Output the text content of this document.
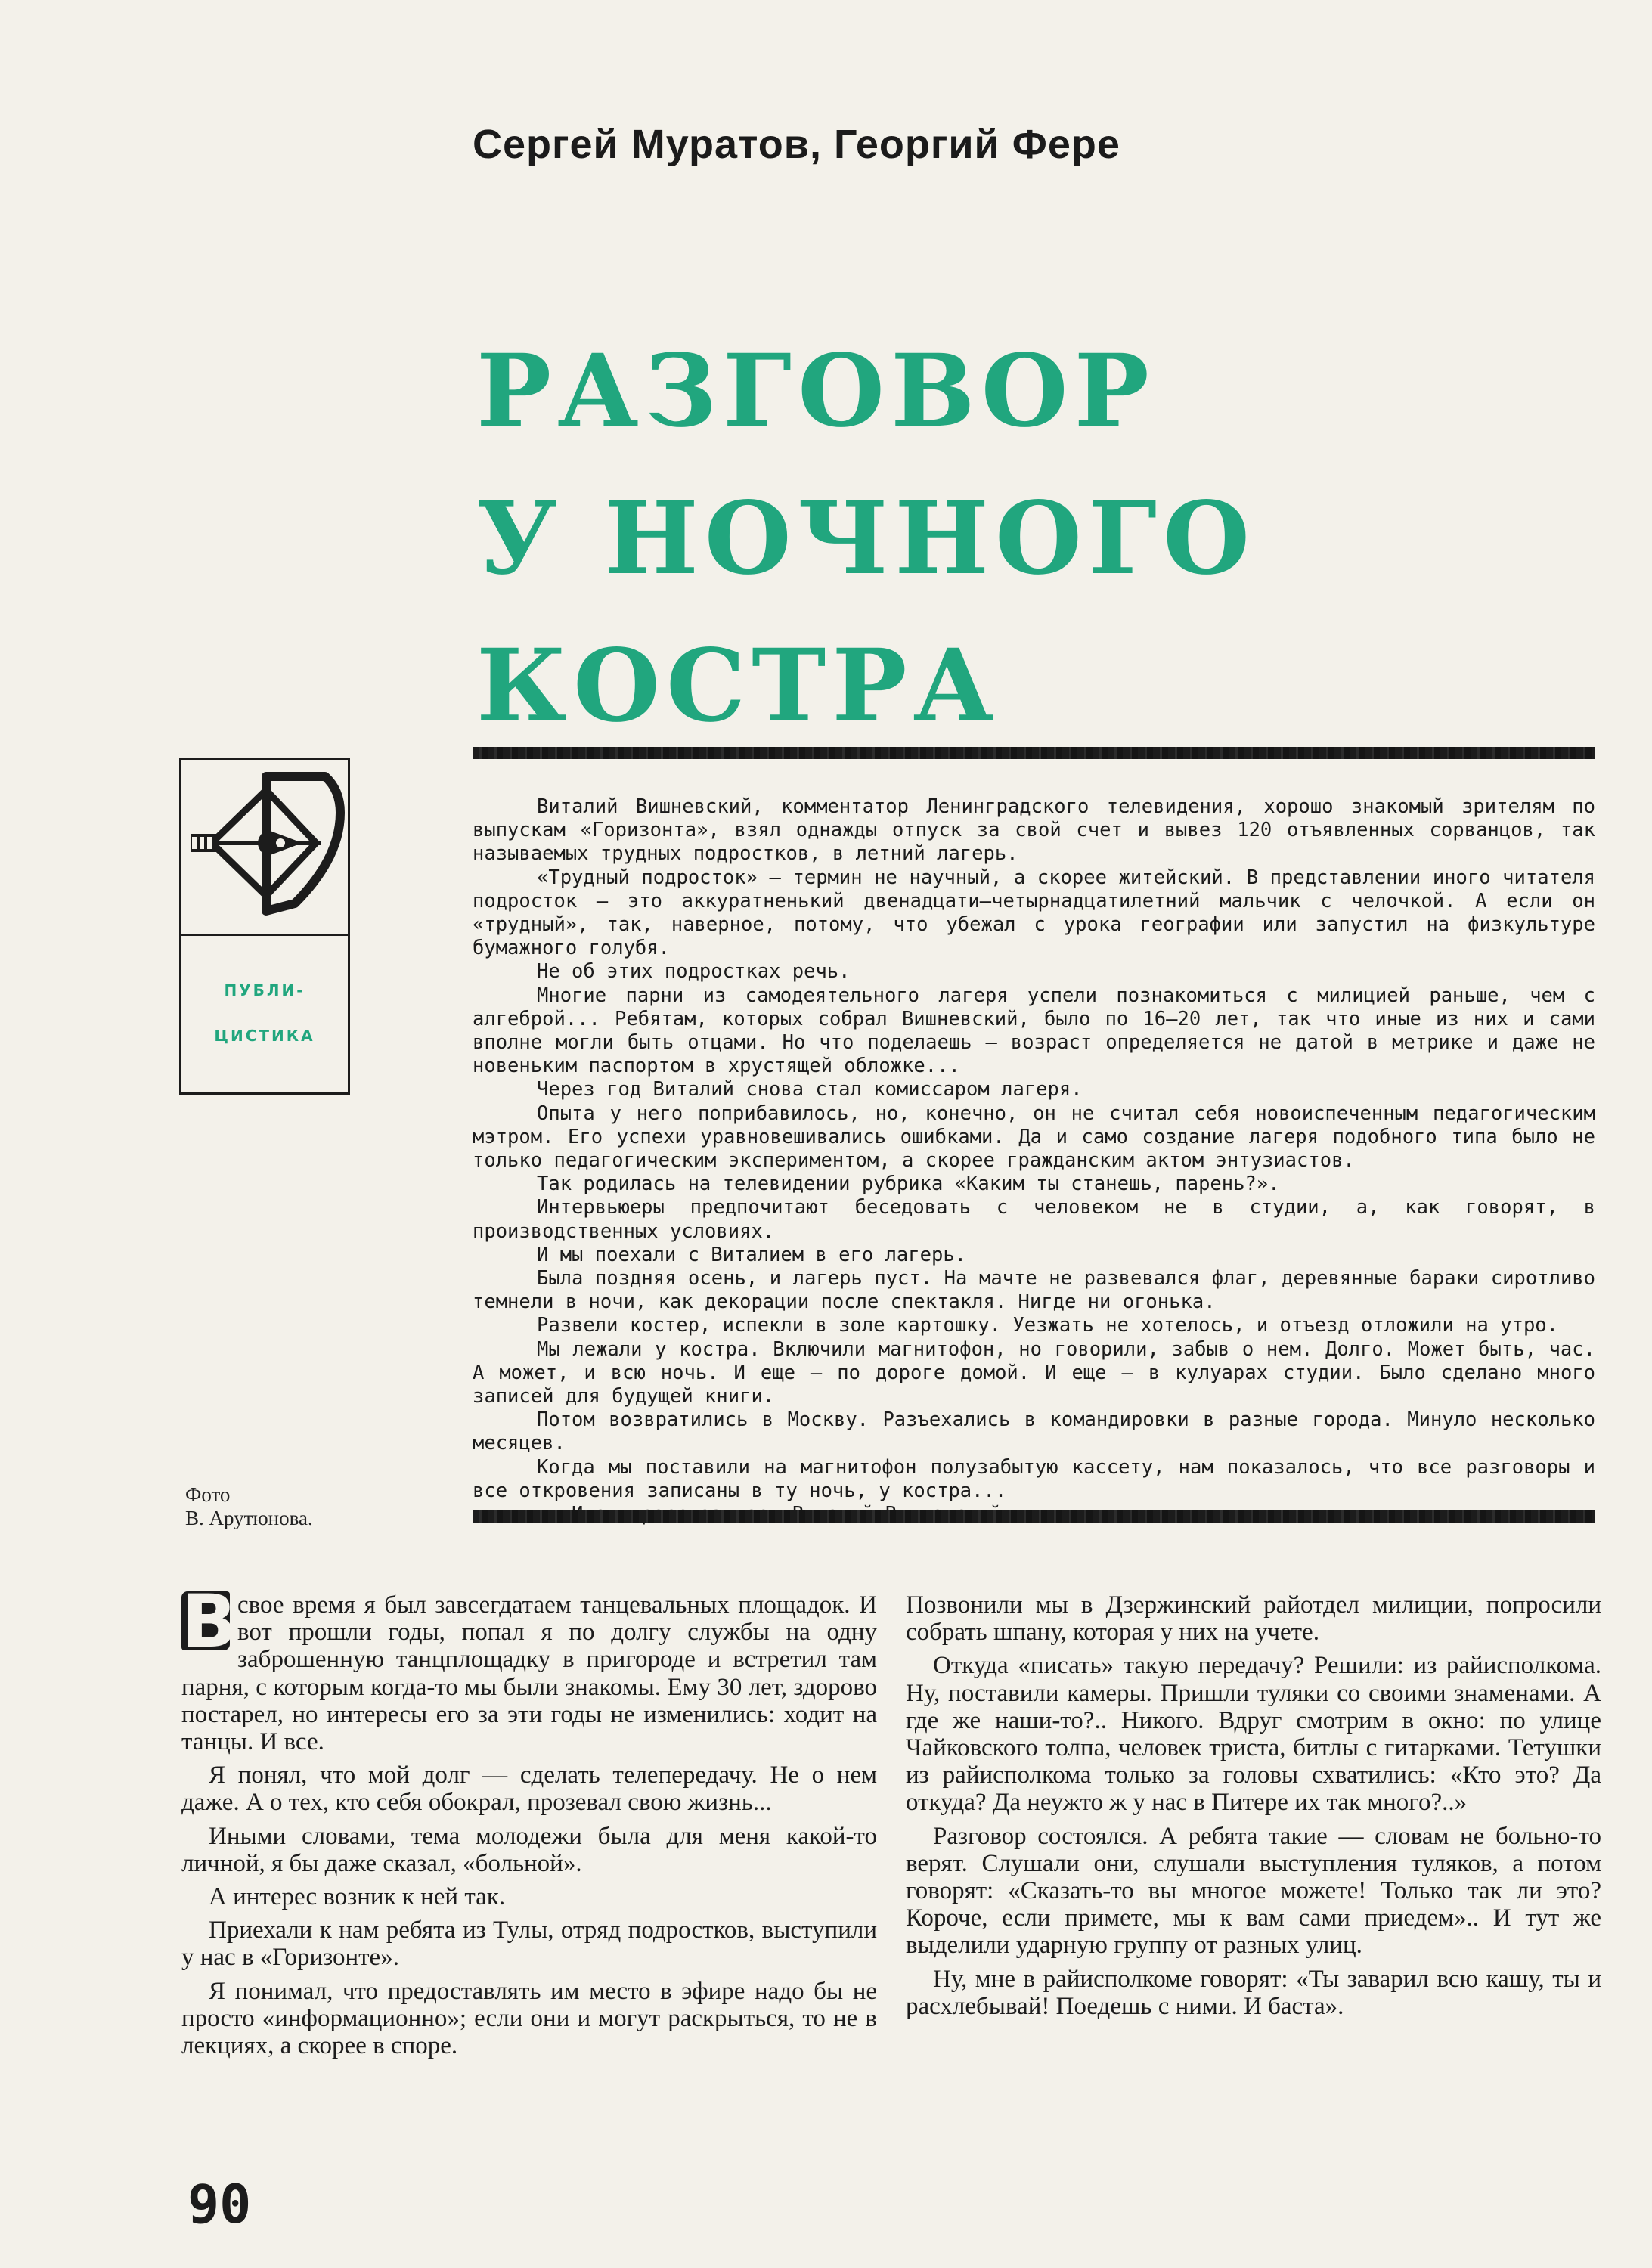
Сергей Муратов, Георгий Фере
РАЗГОВОР
У НОЧНОГО
КОСТРА
ПУБЛИ-
ЦИСТИКА

Виталий Вишневский, комментатор Ленинградского телевидения, хорошо знакомый зрителям по выпускам «Горизонта», взял однажды отпуск за свой счет и вывез 120 отъявленных сорванцов, так называемых трудных подростков, в летний лагерь.

«Трудный подросток» — термин не научный, а скорее житейский. В представлении иного читателя подросток — это аккуратненький двенадцати—четырнадцатилетний мальчик с челочкой. А если он «трудный», так, наверное, потому, что убежал с урока географии или запустил на физкультуре бумажного голубя.

Не об этих подростках речь.

Многие парни из самодеятельного лагеря успели познакомиться с милицией раньше, чем с алгеброй... Ребятам, которых собрал Вишневский, было по 16—20 лет, так что иные из них и сами вполне могли быть отцами. Но что поделаешь — возраст определяется не датой в метрике и даже не новеньким паспортом в хрустящей обложке...

Через год Виталий снова стал комиссаром лагеря.

Опыта у него поприбавилось, но, конечно, он не считал себя новоиспеченным педагогическим мэтром. Его успехи уравновешивались ошибками. Да и само создание лагеря подобного типа было не только педагогическим экспериментом, а скорее гражданским актом энтузиастов.

Так родилась на телевидении рубрика «Каким ты станешь, парень?».

Интервьюеры предпочитают беседовать с человеком не в студии, а, как говорят, в производственных условиях.

И мы поехали с Виталием в его лагерь.

Была поздняя осень, и лагерь пуст. На мачте не развевался флаг, деревянные бараки сиротливо темнели в ночи, как декорации после спектакля. Нигде ни огонька.

Развели костер, испекли в золе картошку. Уезжать не хотелось, и отъезд отложили на утро.

Мы лежали у костра. Включили магнитофон, но говорили, забыв о нем. Долго. Может быть, час. А может, и всю ночь. И еще — по дороге домой. И еще — в кулуарах студии. Было сделано много записей для будущей книги.

Потом возвратились в Москву. Разъехались в командировки в разные города. Минуло несколько месяцев.

Когда мы поставили на магнитофон полузабытую кассету, нам показалось, что все разговоры и все откровения записаны в ту ночь, у костра...

Фото
В. Арутюнова.

В свое время я был завсегдатаем танцевальных площадок. И вот прошли годы, попал я по долгу службы на одну заброшенную танцплощадку в пригороде и встретил там парня, с которым когда-то мы были знакомы. Ему 30 лет, здорово постарел, но интересы его за эти годы не изменились: ходит на танцы. И все.

Я понял, что мой долг — сделать телепередачу. Не о нем даже. А о тех, кто себя обокрал, прозевал свою жизнь...

Иными словами, тема молодежи была для меня какой-то личной, я бы даже сказал, «больной».

А интерес возник к ней так.

Приехали к нам ребята из Тулы, отряд подростков, выступили у нас в «Горизонте».

Я понимал, что предоставлять им место в эфире надо бы не просто «информационно»; если они и могут раскрыться, то не в лекциях, а скорее в споре.

Позвонили мы в Дзержинский райотдел милиции, попросили собрать шпану, которая у них на учете.

Откуда «писать» такую передачу? Решили: из райисполкома. Ну, поставили камеры. Пришли туляки со своими знаменами. А где же наши-то?.. Никого. Вдруг смотрим в окно: по улице Чайковского толпа, человек триста, битлы с гитарками. Тетушки из райисполкома только за головы схватились: «Кто это? Да откуда? Да неужто ж у нас в Питере их так много?..»

Разговор состоялся. А ребята такие — словам не больно-то верят. Слушали они, слушали выступления туляков, а потом говорят: «Сказать-то вы многое можете! Только так ли это? Короче, если примете, мы к вам сами приедем».. И тут же выделили ударную группу от разных улиц.

Ну, мне в райисполкоме говорят: «Ты заварил всю кашу, ты и расхлебывай! Поедешь с ними. И баста».

90
